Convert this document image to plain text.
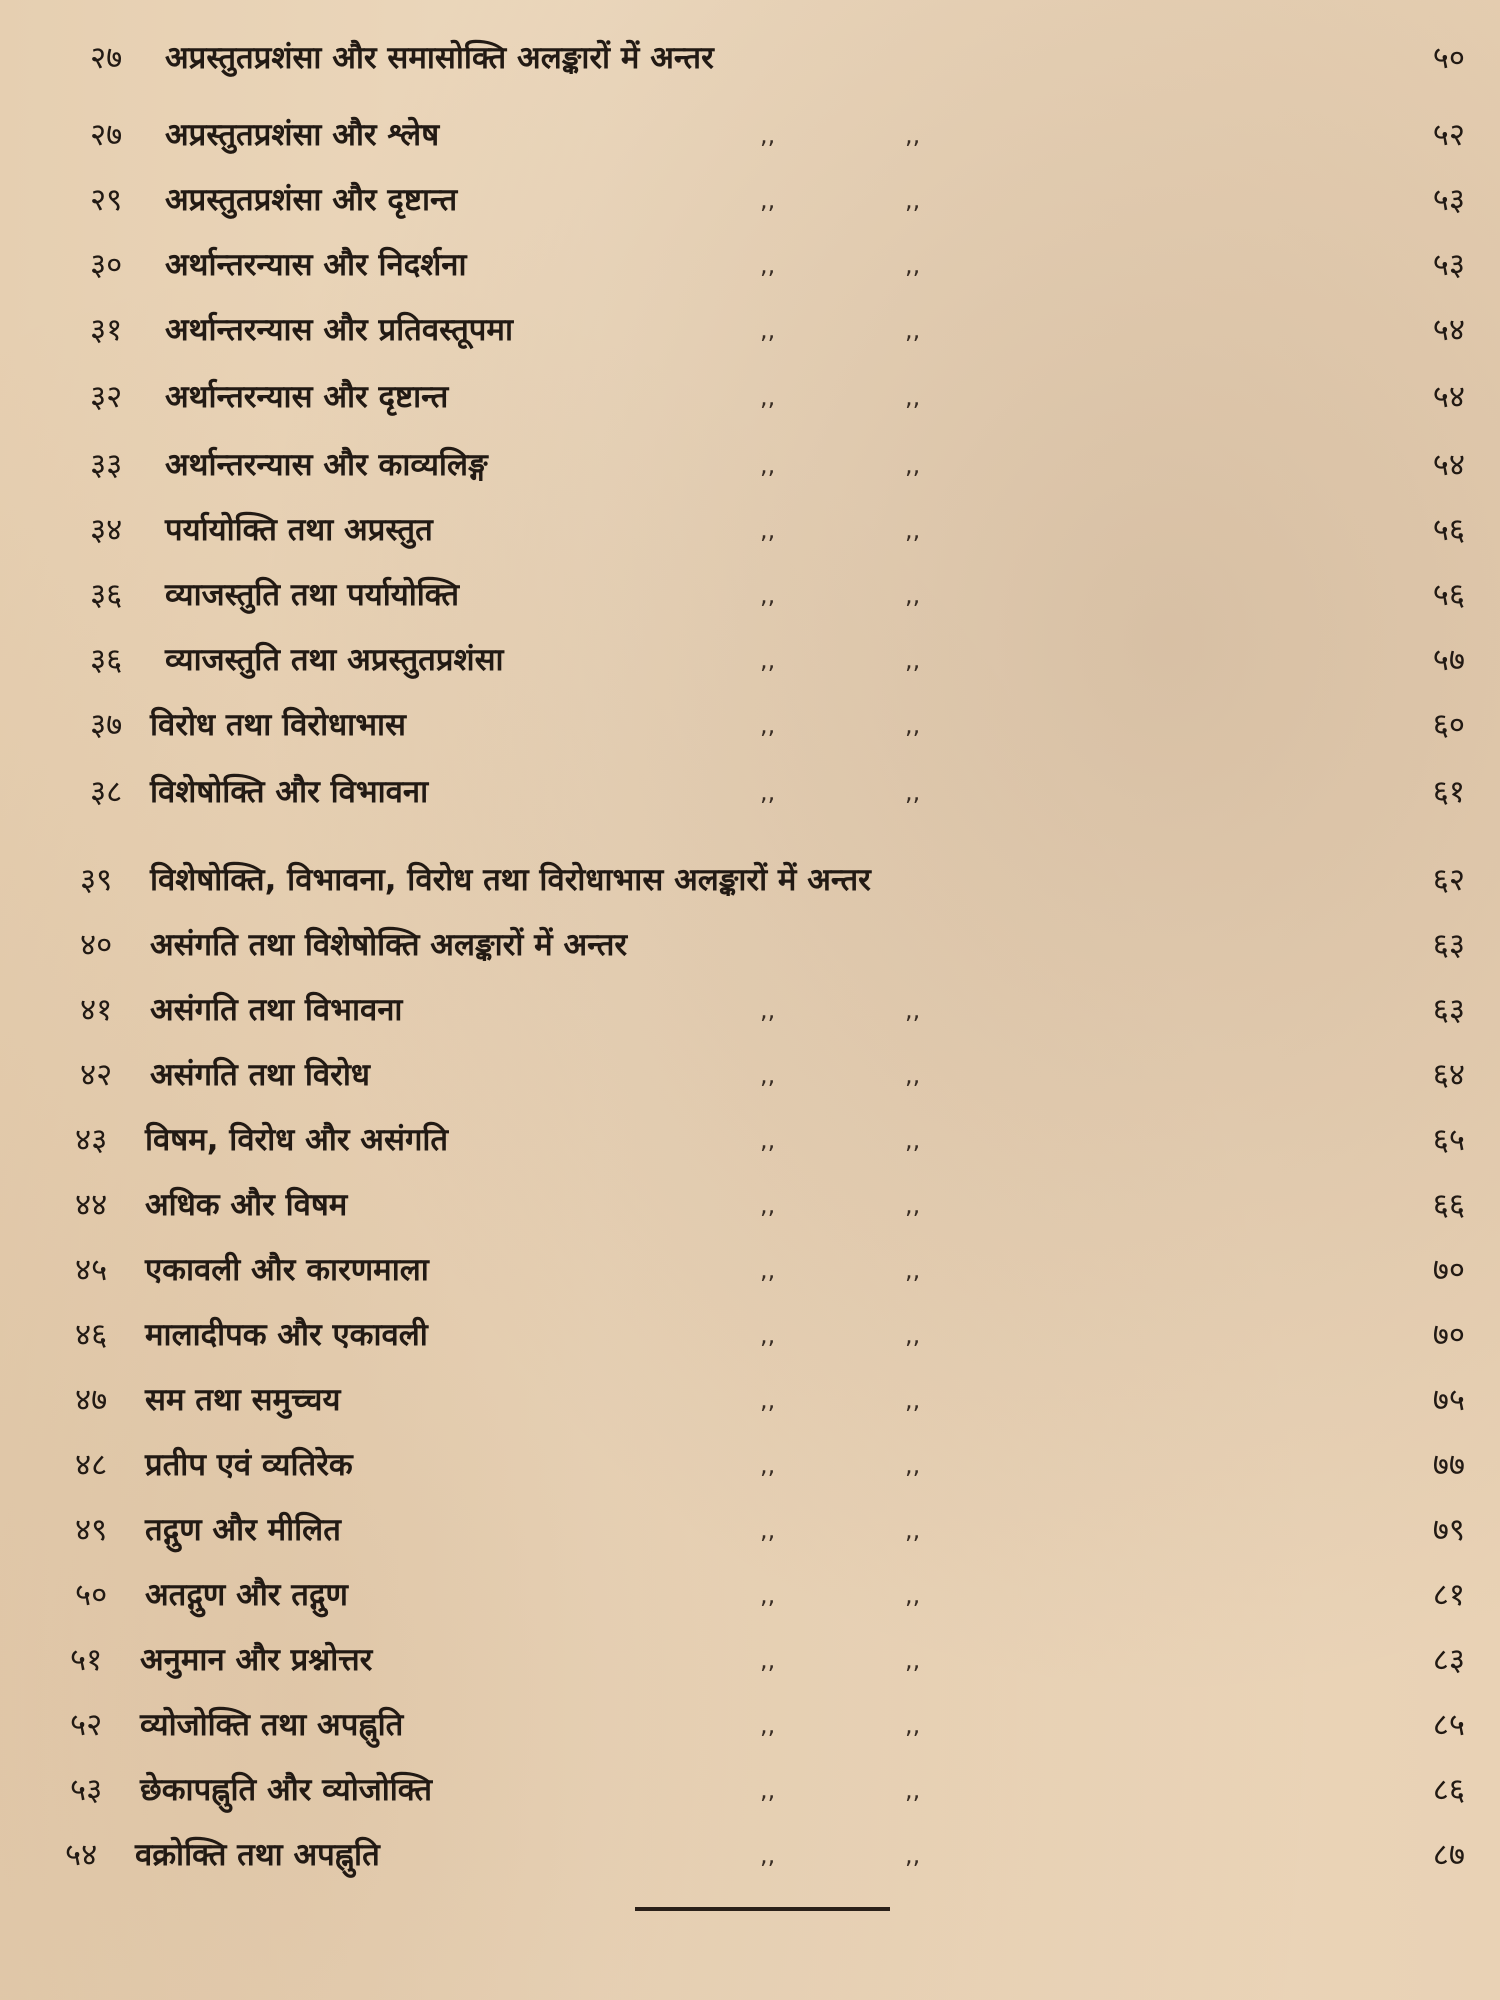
२७ अप्रस्तुतप्रशंसा और समासोक्ति अलङ्कारों में अन्तर	५०
२७ अप्रस्तुतप्रशंसा और श्लेष	,,	,,	५२
२९ अप्रस्तुतप्रशंसा और दृष्टान्त	,,	,,	५३
३० अर्थान्तरन्यास और निदर्शना	,,	,,	५३
३१ अर्थान्तरन्यास और प्रतिवस्तूपमा	,,	,,	५४
३२ अर्थान्तरन्यास और दृष्टान्त	,,	,,	५४
३३ अर्थान्तरन्यास और काव्यलिङ्ग	,,	,,	५४
३४ पर्यायोक्ति तथा अप्रस्तुत	,,	,,	५६
३६ व्याजस्तुति तथा पर्यायोक्ति	,,	,,	५६
३६ व्याजस्तुति तथा अप्रस्तुतप्रशंसा	,,	,,	५७
३७ विरोध तथा विरोधाभास	,,	,,	६०
३८ विशेषोक्ति और विभावना	,,	,,	६१
३९ विशेषोक्ति, विभावना, विरोध तथा विरोधाभास अलङ्कारों में अन्तर	६२
४० असंगति तथा विशेषोक्ति अलङ्कारों में अन्तर	६३
४१ असंगति तथा विभावना	,,	,,	६३
४२ असंगति तथा विरोध	,,	,,	६४
४३ विषम, विरोध और असंगति	,,	,,	६५
४४ अधिक और विषम	,,	,,	६६
४५ एकावली और कारणमाला	,,	,,	७०
४६ मालादीपक और एकावली	,,	,,	७०
४७ सम तथा समुच्चय	,,	,,	७५
४८ प्रतीप एवं व्यतिरेक	,,	,,	७७
४९ तद्गुण और मीलित	,,	,,	७९
५० अतद्गुण और तद्गुण	,,	,,	८१
५१ अनुमान और प्रश्नोत्तर	,,	,,	८३
५२ व्योजोक्ति तथा अपह्नुति	,,	,,	८५
५३ छेकापह्नुति और व्योजोक्ति	,,	,,	८६
५४ वक्रोक्ति तथा अपह्नुति	,,	,,	८७
